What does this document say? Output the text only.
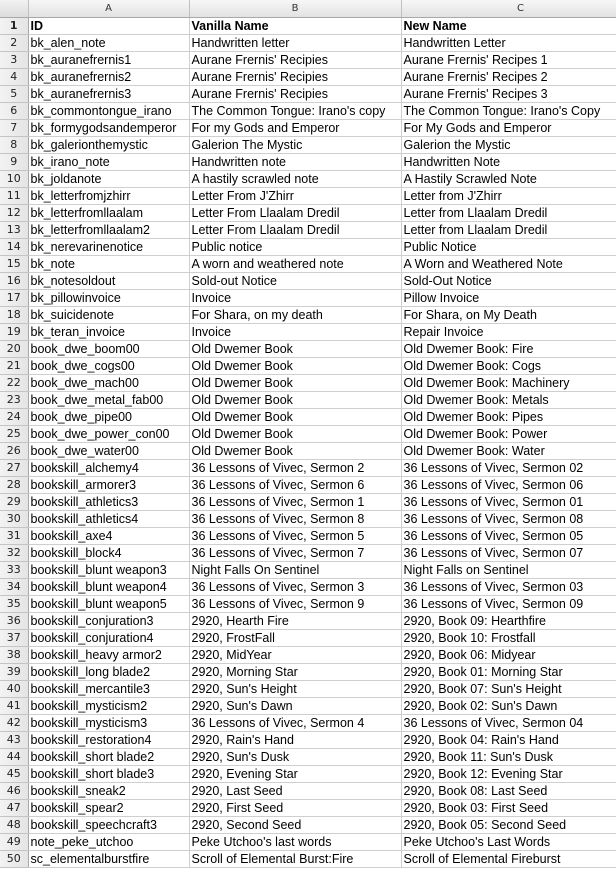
	A	B	C
1	ID	Vanilla Name	New Name
2	bk_alen_note	Handwritten letter	Handwritten Letter
3	bk_auranefrernis1	Aurane Frernis' Recipies	Aurane Frernis' Recipes 1
4	bk_auranefrernis2	Aurane Frernis' Recipies	Aurane Frernis' Recipes 2
5	bk_auranefrernis3	Aurane Frernis' Recipies	Aurane Frernis' Recipes 3
6	bk_commontongue_irano	The Common Tongue: Irano's copy	The Common Tongue: Irano's Copy
7	bk_formygodsandemperor	For my Gods and Emperor	For My Gods and Emperor
8	bk_galerionthemystic	Galerion The Mystic	Galerion the Mystic
9	bk_irano_note	Handwritten note	Handwritten Note
10	bk_joldanote	A hastily scrawled note	A Hastily Scrawled Note
11	bk_letterfromjzhirr	Letter From J'Zhirr	Letter from J'Zhirr
12	bk_letterfromllaalam	Letter From Llaalam Dredil	Letter from Llaalam Dredil
13	bk_letterfromllaalam2	Letter From Llaalam Dredil	Letter from Llaalam Dredil
14	bk_nerevarinenotice	Public notice	Public Notice
15	bk_note	A worn and weathered note	A Worn and Weathered Note
16	bk_notesoldout	Sold-out Notice	Sold-Out Notice
17	bk_pillowinvoice	Invoice	Pillow Invoice
18	bk_suicidenote	For Shara, on my death	For Shara, on My Death
19	bk_teran_invoice	Invoice	Repair Invoice
20	book_dwe_boom00	Old Dwemer Book	Old Dwemer Book: Fire
21	book_dwe_cogs00	Old Dwemer Book	Old Dwemer Book: Cogs
22	book_dwe_mach00	Old Dwemer Book	Old Dwemer Book: Machinery
23	book_dwe_metal_fab00	Old Dwemer Book	Old Dwemer Book: Metals
24	book_dwe_pipe00	Old Dwemer Book	Old Dwemer Book: Pipes
25	book_dwe_power_con00	Old Dwemer Book	Old Dwemer Book: Power
26	book_dwe_water00	Old Dwemer Book	Old Dwemer Book: Water
27	bookskill_alchemy4	36 Lessons of Vivec, Sermon 2	36 Lessons of Vivec, Sermon 02
28	bookskill_armorer3	36 Lessons of Vivec, Sermon 6	36 Lessons of Vivec, Sermon 06
29	bookskill_athletics3	36 Lessons of Vivec, Sermon 1	36 Lessons of Vivec, Sermon 01
30	bookskill_athletics4	36 Lessons of Vivec, Sermon 8	36 Lessons of Vivec, Sermon 08
31	bookskill_axe4	36 Lessons of Vivec, Sermon 5	36 Lessons of Vivec, Sermon 05
32	bookskill_block4	36 Lessons of Vivec, Sermon 7	36 Lessons of Vivec, Sermon 07
33	bookskill_blunt weapon3	Night Falls On Sentinel	Night Falls on Sentinel
34	bookskill_blunt weapon4	36 Lessons of Vivec, Sermon 3	36 Lessons of Vivec, Sermon 03
35	bookskill_blunt weapon5	36 Lessons of Vivec, Sermon 9	36 Lessons of Vivec, Sermon 09
36	bookskill_conjuration3	2920, Hearth Fire	2920, Book 09: Hearthfire
37	bookskill_conjuration4	2920, FrostFall	2920, Book 10: Frostfall
38	bookskill_heavy armor2	2920, MidYear	2920, Book 06: Midyear
39	bookskill_long blade2	2920, Morning Star	2920, Book 01: Morning Star
40	bookskill_mercantile3	2920, Sun's Height	2920, Book 07: Sun's Height
41	bookskill_mysticism2	2920, Sun's Dawn	2920, Book 02: Sun's Dawn
42	bookskill_mysticism3	36 Lessons of Vivec, Sermon 4	36 Lessons of Vivec, Sermon 04
43	bookskill_restoration4	2920, Rain's Hand	2920, Book 04: Rain's Hand
44	bookskill_short blade2	2920, Sun's Dusk	2920, Book 11: Sun's Dusk
45	bookskill_short blade3	2920, Evening Star	2920, Book 12: Evening Star
46	bookskill_sneak2	2920, Last Seed	2920, Book 08: Last Seed
47	bookskill_spear2	2920, First Seed	2920, Book 03: First Seed
48	bookskill_speechcraft3	2920, Second Seed	2920, Book 05: Second Seed
49	note_peke_utchoo	Peke Utchoo's last words	Peke Utchoo's Last Words
50	sc_elementalburstfire	Scroll of Elemental Burst:Fire	Scroll of Elemental Fireburst
